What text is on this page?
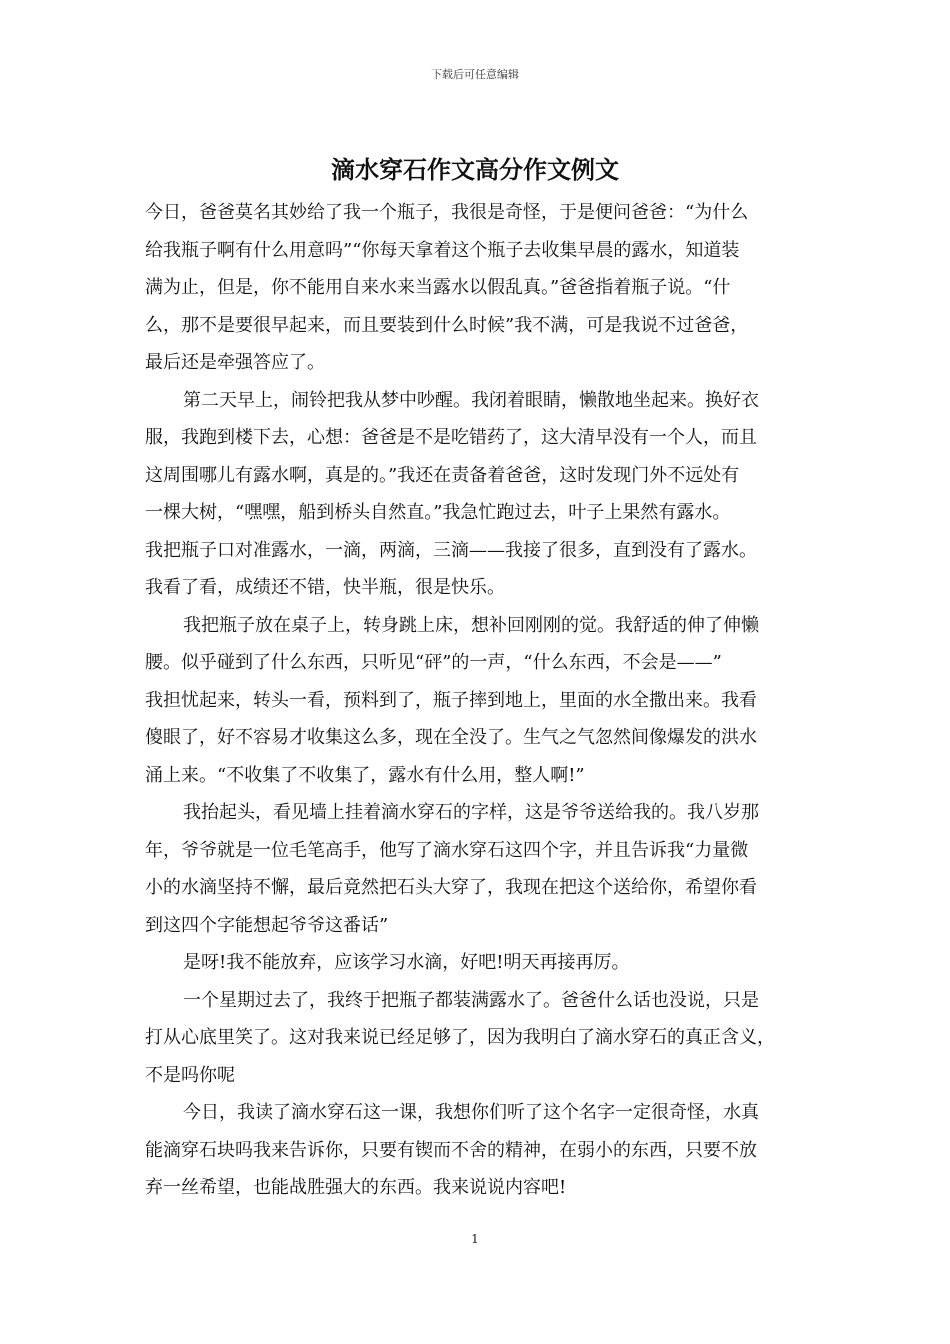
下载后可任意编辑
滴水穿石作文高分作文例文
今日，爸爸莫名其妙给了我一个瓶子，我很是奇怪，于是便问爸爸：“为什么
给我瓶子啊有什么用意吗”“你每天拿着这个瓶子去收集早晨的露水，知道装
满为止，但是，你不能用自来水来当露水以假乱真。”爸爸指着瓶子说。“什
么，那不是要很早起来，而且要装到什么时候”我不满，可是我说不过爸爸，
最后还是牵强答应了。
第二天早上，闹铃把我从梦中吵醒。我闭着眼睛，懒散地坐起来。换好衣
服，我跑到楼下去，心想：爸爸是不是吃错药了，这大清早没有一个人，而且
这周围哪儿有露水啊，真是的。”我还在责备着爸爸，这时发现门外不远处有
一棵大树，“嘿嘿，船到桥头自然直。”我急忙跑过去，叶子上果然有露水。
我把瓶子口对准露水，一滴，两滴，三滴——我接了很多，直到没有了露水。
我看了看，成绩还不错，快半瓶，很是快乐。
我把瓶子放在桌子上，转身跳上床，想补回刚刚的觉。我舒适的伸了伸懒
腰。似乎碰到了什么东西，只听见“砰”的一声，“什么东西，不会是——”
我担忧起来，转头一看，预料到了，瓶子摔到地上，里面的水全撒出来。我看
傻眼了，好不容易才收集这么多，现在全没了。生气之气忽然间像爆发的洪水
涌上来。“不收集了不收集了，露水有什么用，整人啊!”
我抬起头，看见墙上挂着滴水穿石的字样，这是爷爷送给我的。我八岁那
年，爷爷就是一位毛笔高手，他写了滴水穿石这四个字，并且告诉我“力量微
小的水滴坚持不懈，最后竟然把石头大穿了，我现在把这个送给你，希望你看
到这四个字能想起爷爷这番话”
是呀!我不能放弃，应该学习水滴，好吧!明天再接再厉。
一个星期过去了，我终于把瓶子都装满露水了。爸爸什么话也没说，只是
打从心底里笑了。这对我来说已经足够了，因为我明白了滴水穿石的真正含义，
不是吗你呢
今日，我读了滴水穿石这一课，我想你们听了这个名字一定很奇怪，水真
能滴穿石块吗我来告诉你，只要有锲而不舍的精神，在弱小的东西，只要不放
弃一丝希望，也能战胜强大的东西。我来说说内容吧!
1
